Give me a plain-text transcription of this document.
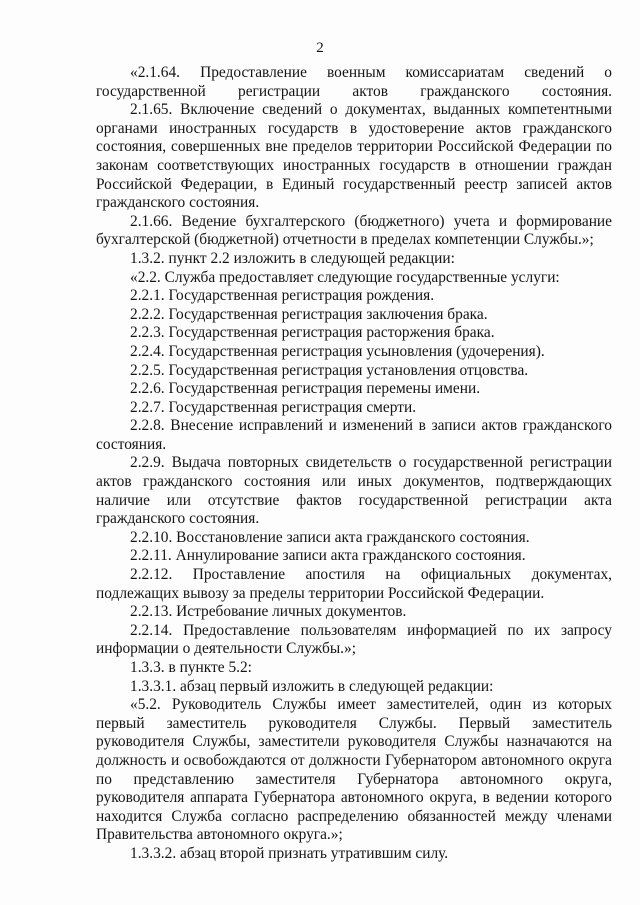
2

«2.1.64. Предоставление военным комиссариатам сведений о государственной регистрации актов гражданского состояния.

2.1.65. Включение сведений о документах, выданных компетентными органами иностранных государств в удостоверение актов гражданского состояния, совершенных вне пределов территории Российской Федерации по законам соответствующих иностранных государств в отношении граждан Российской Федерации, в Единый государственный реестр записей актов гражданского состояния.

2.1.66. Ведение бухгалтерского (бюджетного) учета и формирование бухгалтерской (бюджетной) отчетности в пределах компетенции Службы.»;

1.3.2. пункт 2.2 изложить в следующей редакции:

«2.2. Служба предоставляет следующие государственные услуги:

2.2.1. Государственная регистрация рождения.

2.2.2. Государственная регистрация заключения брака.

2.2.3. Государственная регистрация расторжения брака.

2.2.4. Государственная регистрация усыновления (удочерения).

2.2.5. Государственная регистрация установления отцовства.

2.2.6. Государственная регистрация перемены имени.

2.2.7. Государственная регистрация смерти.

2.2.8. Внесение исправлений и изменений в записи актов гражданского состояния.

2.2.9. Выдача повторных свидетельств о государственной регистрации актов гражданского состояния или иных документов, подтверждающих наличие или отсутствие фактов государственной регистрации акта гражданского состояния.

2.2.10. Восстановление записи акта гражданского состояния.

2.2.11. Аннулирование записи акта гражданского состояния.

2.2.12. Проставление апостиля на официальных документах, подлежащих вывозу за пределы территории Российской Федерации.

2.2.13. Истребование личных документов.

2.2.14. Предоставление пользователям информацией по их запросу информации о деятельности Службы.»;

1.3.3. в пункте 5.2:

1.3.3.1. абзац первый изложить в следующей редакции:

«5.2. Руководитель Службы имеет заместителей, один из которых первый заместитель руководителя Службы. Первый заместитель руководителя Службы, заместители руководителя Службы назначаются на должность и освобождаются от должности Губернатором автономного округа по представлению заместителя Губернатора автономного округа, руководителя аппарата Губернатора автономного округа, в ведении которого находится Служба согласно распределению обязанностей между членами Правительства автономного округа.»;

1.3.3.2. абзац второй признать утратившим силу.
